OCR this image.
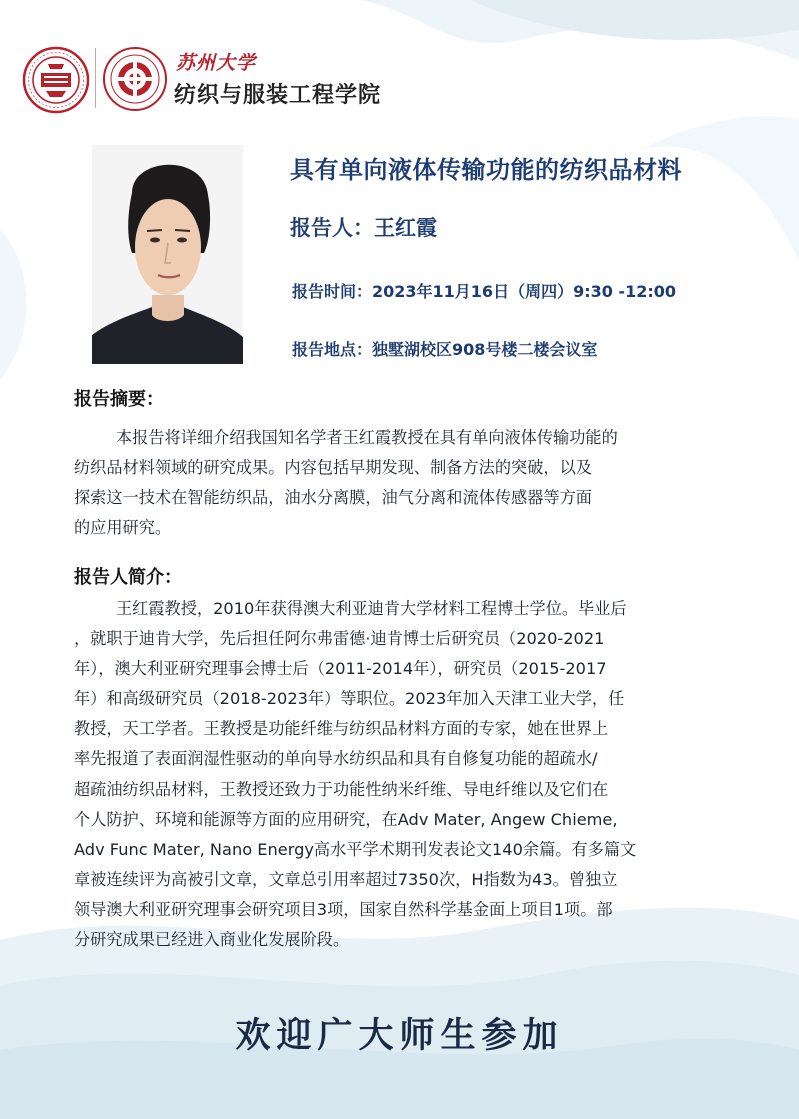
苏州大学
纺织与服装工程学院
具有单向液体传输功能的纺织品材料
报告人：王红霞
报告时间：2023年11月16日（周四）9:30 -12:00
报告地点：独墅湖校区908号楼二楼会议室
报告摘要：
本报告将详细介绍我国知名学者王红霞教授在具有单向液体传输功能的
纺织品材料领域的研究成果。内容包括早期发现、制备方法的突破，以及
探索这一技术在智能纺织品，油水分离膜，油气分离和流体传感器等方面
的应用研究。
报告人简介：
王红霞教授，2010年获得澳大利亚迪肯大学材料工程博士学位。毕业后
，就职于迪肯大学，先后担任阿尔弗雷德·迪肯博士后研究员（2020-2021
年），澳大利亚研究理事会博士后（2011-2014年），研究员（2015-2017
年）和高级研究员（2018-2023年）等职位。2023年加入天津工业大学，任
教授，天工学者。王教授是功能纤维与纺织品材料方面的专家，她在世界上
率先报道了表面润湿性驱动的单向导水纺织品和具有自修复功能的超疏水/
超疏油纺织品材料，王教授还致力于功能性纳米纤维、导电纤维以及它们在
个人防护、环境和能源等方面的应用研究，在Adv Mater, Angew Chieme,
Adv Func Mater, Nano Energy高水平学术期刊发表论文140余篇。有多篇文
章被连续评为高被引文章，文章总引用率超过7350次，H指数为43。曾独立
领导澳大利亚研究理事会研究项目3项，国家自然科学基金面上项目1项。部
分研究成果已经进入商业化发展阶段。
欢迎广大师生参加
